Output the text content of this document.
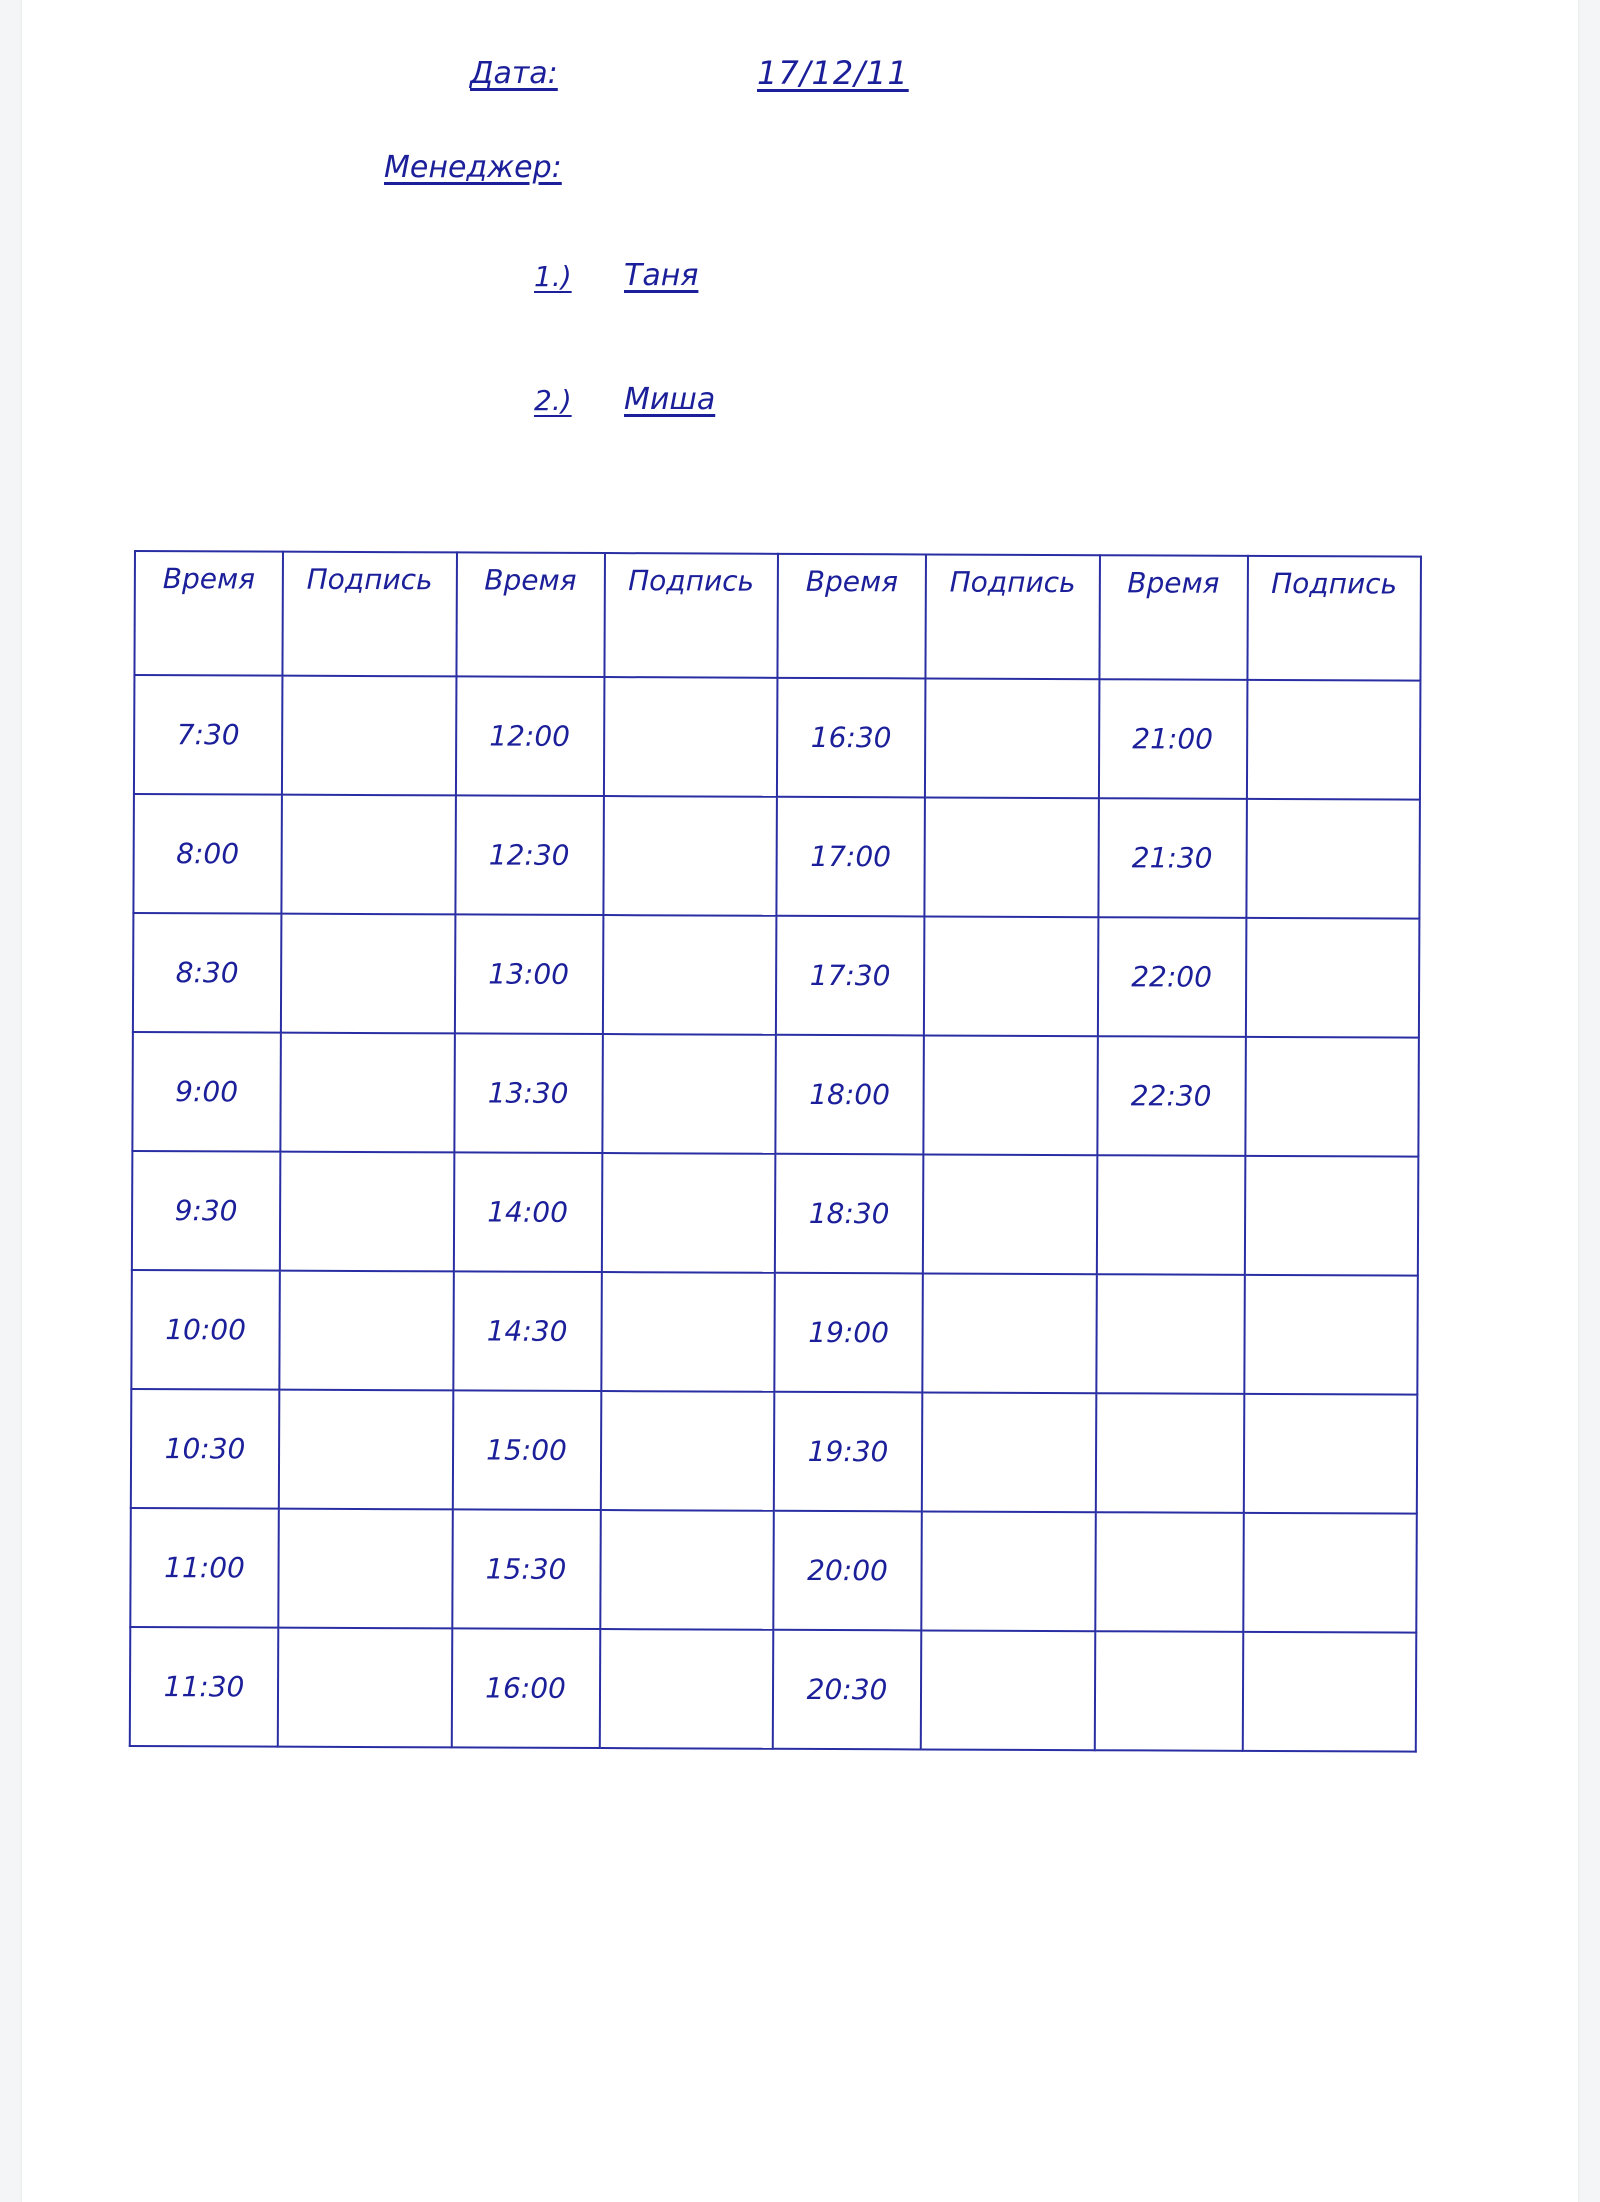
Дата:	17/12/11
Менеджер:
1.) Таня
2.) Миша
Время	Подпись	Время	Подпись	Время	Подпись	Время	Подпись
7:30		12:00		16:30		21:00	
8:00		12:30		17:00		21:30	
8:30		13:00		17:30		22:00	
9:00		13:30		18:00		22:30	
9:30		14:00		18:30			
10:00		14:30		19:00			
10:30		15:00		19:30			
11:00		15:30		20:00			
11:30		16:00		20:30			
​
